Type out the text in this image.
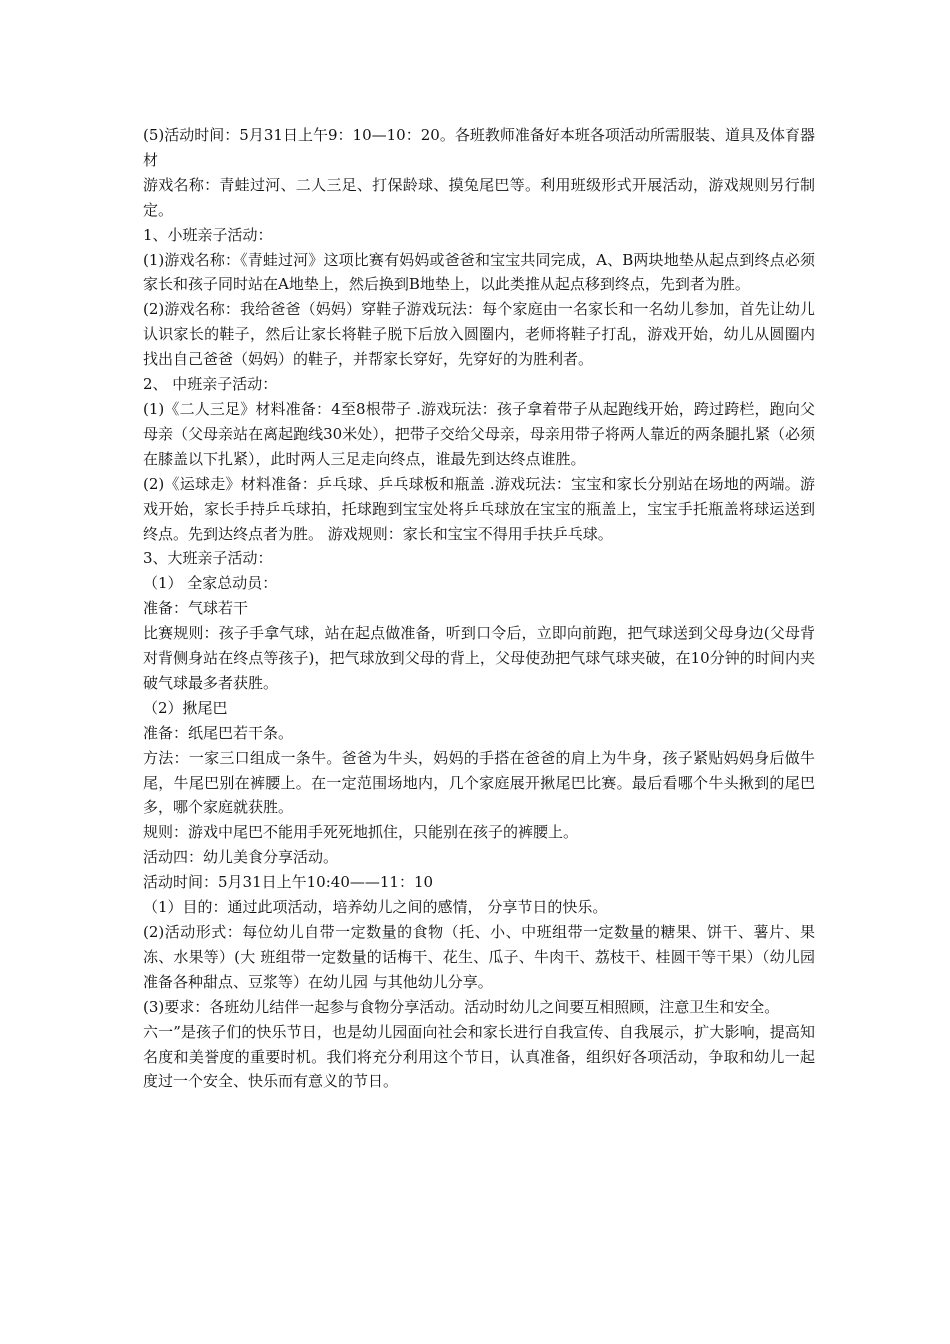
(5)活动时间：5月31日上午9：10—10：20。各班教师准备好本班各项活动所需服装、道具及体育器材

游戏名称：青蛙过河、二人三足、打保龄球、摸兔尾巴等。利用班级形式开展活动，游戏规则另行制定。

1、小班亲子活动：

(1)游戏名称：《青蛙过河》这项比赛有妈妈或爸爸和宝宝共同完成，A、B两块地垫从起点到终点必须家长和孩子同时站在A地垫上，然后换到B地垫上，以此类推从起点移到终点，先到者为胜。

(2)游戏名称：我给爸爸（妈妈）穿鞋子游戏玩法：每个家庭由一名家长和一名幼儿参加，首先让幼儿认识家长的鞋子，然后让家长将鞋子脱下后放入圆圈内，老师将鞋子打乱，游戏开始，幼儿从圆圈内找出自己爸爸（妈妈）的鞋子，并帮家长穿好，先穿好的为胜利者。

2、 中班亲子活动：

(1)《二人三足》材料准备：4至8根带子 .游戏玩法：孩子拿着带子从起跑线开始，跨过跨栏，跑向父母亲（父母亲站在离起跑线30米处），把带子交给父母亲，母亲用带子将两人靠近的两条腿扎紧（必须在膝盖以下扎紧），此时两人三足走向终点，谁最先到达终点谁胜。

(2)《运球走》材料准备：乒乓球、乒乓球板和瓶盖 .游戏玩法：宝宝和家长分别站在场地的两端。游戏开始，家长手持乒乓球拍，托球跑到宝宝处将乒乓球放在宝宝的瓶盖上，宝宝手托瓶盖将球运送到终点。先到达终点者为胜。 游戏规则：家长和宝宝不得用手扶乒乓球。

3、大班亲子活动：

（1） 全家总动员：

准备：气球若干

比赛规则：孩子手拿气球，站在起点做准备，听到口令后，立即向前跑，把气球送到父母身边(父母背对背侧身站在终点等孩子)，把气球放到父母的背上，父母使劲把气球气球夹破，在10分钟的时间内夹破气球最多者获胜。

（2）揪尾巴

准备：纸尾巴若干条。

方法：一家三口组成一条牛。爸爸为牛头，妈妈的手搭在爸爸的肩上为牛身，孩子紧贴妈妈身后做牛尾，牛尾巴别在裤腰上。在一定范围场地内，几个家庭展开揪尾巴比赛。最后看哪个牛头揪到的尾巴多，哪个家庭就获胜。

规则：游戏中尾巴不能用手死死地抓住，只能别在孩子的裤腰上。

活动四：幼儿美食分享活动。

活动时间：5月31日上午10:40——11：10

（1）目的：通过此项活动，培养幼儿之间的感情， 分享节日的快乐。

(2)活动形式：每位幼儿自带一定数量的食物（托、小、中班组带一定数量的糖果、饼干、薯片、果冻、水果等）(大 班组带一定数量的话梅干、花生、瓜子、牛肉干、荔枝干、桂圆干等干果）（幼儿园准备各种甜点、豆浆等）在幼儿园 与其他幼儿分享。

(3)要求：各班幼儿结伴一起参与食物分享活动。活动时幼儿之间要互相照顾，注意卫生和安全。

六一”是孩子们的快乐节日，也是幼儿园面向社会和家长进行自我宣传、自我展示，扩大影响，提高知名度和美誉度的重要时机。我们将充分利用这个节日，认真准备，组织好各项活动，争取和幼儿一起度过一个安全、快乐而有意义的节日。
